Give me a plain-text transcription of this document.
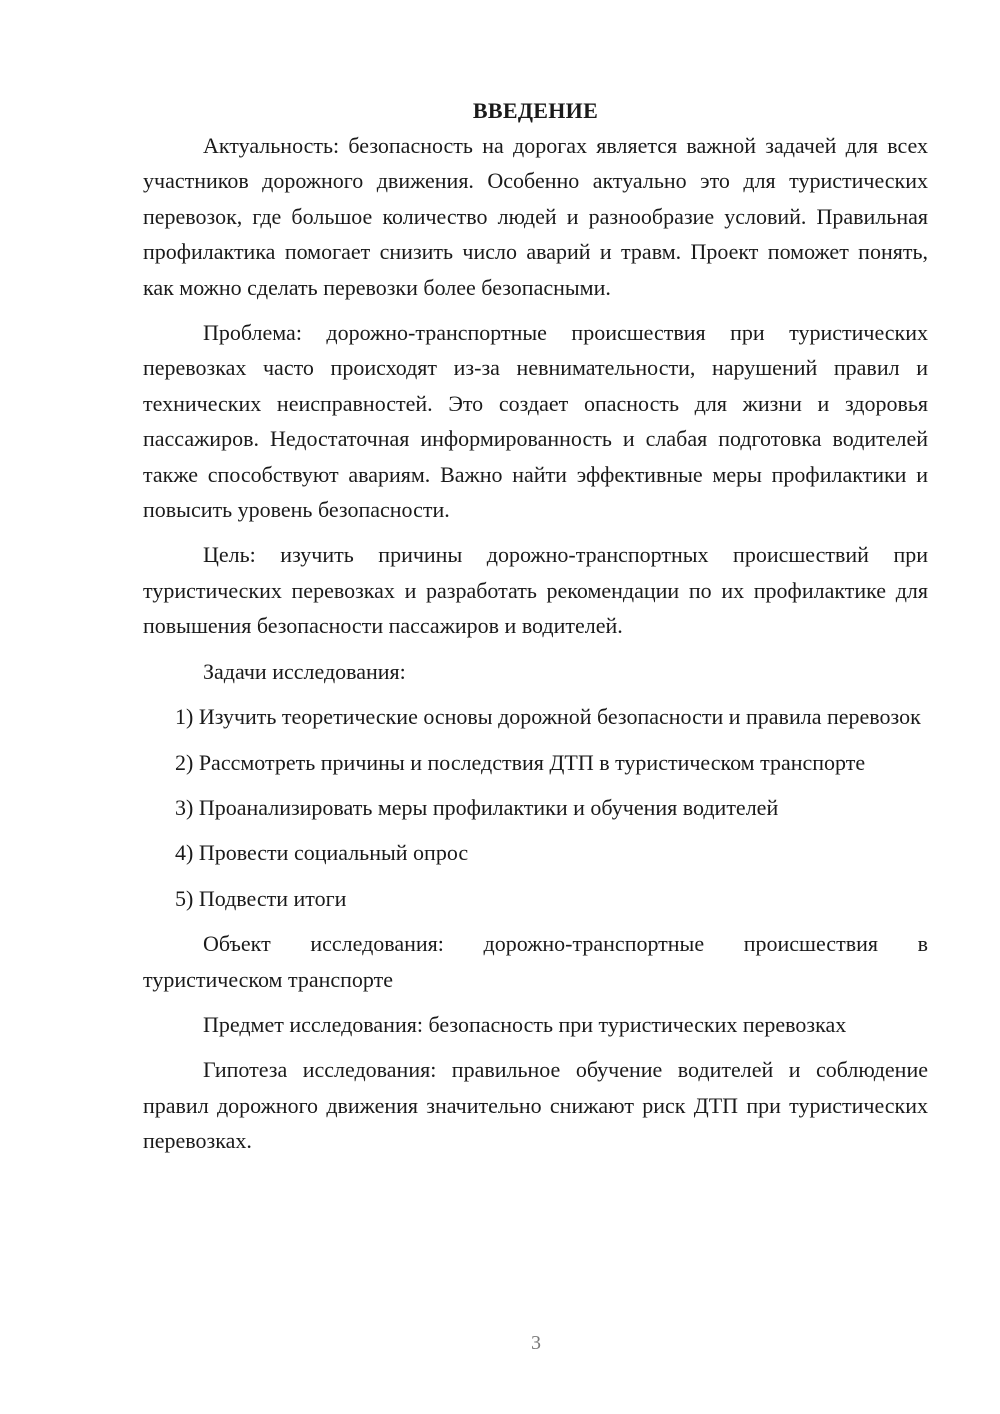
ВВЕДЕНИЕ

Актуальность: безопасность на дорогах является важной задачей для всех участников дорожного движения. Особенно актуально это для туристических перевозок, где большое количество людей и разнообразие условий. Правильная профилактика помогает снизить число аварий и травм. Проект поможет понять, как можно сделать перевозки более безопасными.

Проблема: дорожно-транспортные происшествия при туристических перевозках часто происходят из-за невнимательности, нарушений правил и технических неисправностей. Это создает опасность для жизни и здоровья пассажиров. Недостаточная информированность и слабая подготовка водителей также способствуют авариям. Важно найти эффективные меры профилактики и повысить уровень безопасности.

Цель: изучить причины дорожно-транспортных происшествий при туристических перевозках и разработать рекомендации по их профилактике для повышения безопасности пассажиров и водителей.

Задачи исследования:

1) Изучить теоретические основы дорожной безопасности и правила перевозок

2) Рассмотреть причины и последствия ДТП в туристическом транспорте

3) Проанализировать меры профилактики и обучения водителей

4) Провести социальный опрос

5) Подвести итоги

Объект исследования: дорожно-транспортные происшествия в туристическом транспорте

Предмет исследования: безопасность при туристических перевозках

Гипотеза исследования: правильное обучение водителей и соблюдение правил дорожного движения значительно снижают риск ДТП при туристических перевозках.

3
